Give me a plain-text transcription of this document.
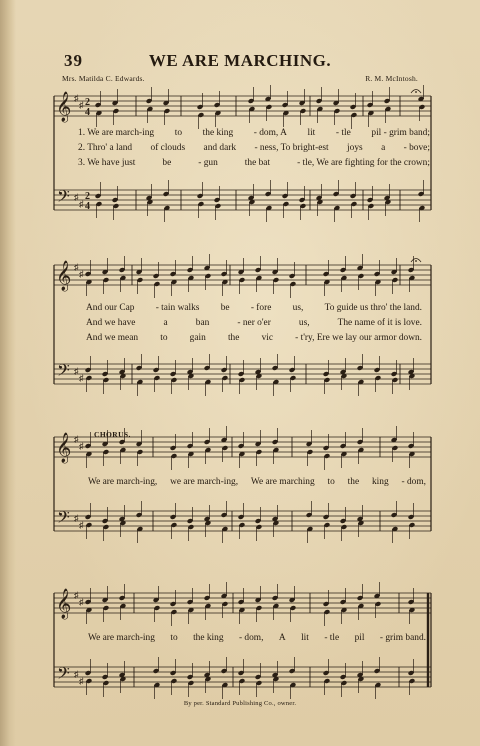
39	WE ARE MARCHING.
Mrs. Matilda C. Edwards.	R. M. McIntosh.
𝄞
𝄢
♯
♯
♯
♯
2
2
4
4
𝄞
𝄢
♯
♯
♯
♯
𝄞
𝄢
♯
♯
♯
♯
𝄞
𝄢
♯
♯
♯
♯
1. We are march-ing to the king - dom, A lit - tle pil - grim band;
2. Thro' a land of clouds and dark - ness, To bright-est joys a - bove;
3. We have just	be	- gun	the bat	- tle, We are fighting for the crown;
And our Cap - tain walks be - fore us, To guide us thro' the land.
And we have	a	ban	- ner o'er	us,	The name of it is love.
And we mean to gain the vic - t'ry, Ere we lay our armor down.
CHORUS.
We are march-ing, we are march-ing, We are marching to the king - dom,
We are march-ing to the king - dom, A lit - tle pil - grim band.
By per. Standard Publishing Co., owner.
